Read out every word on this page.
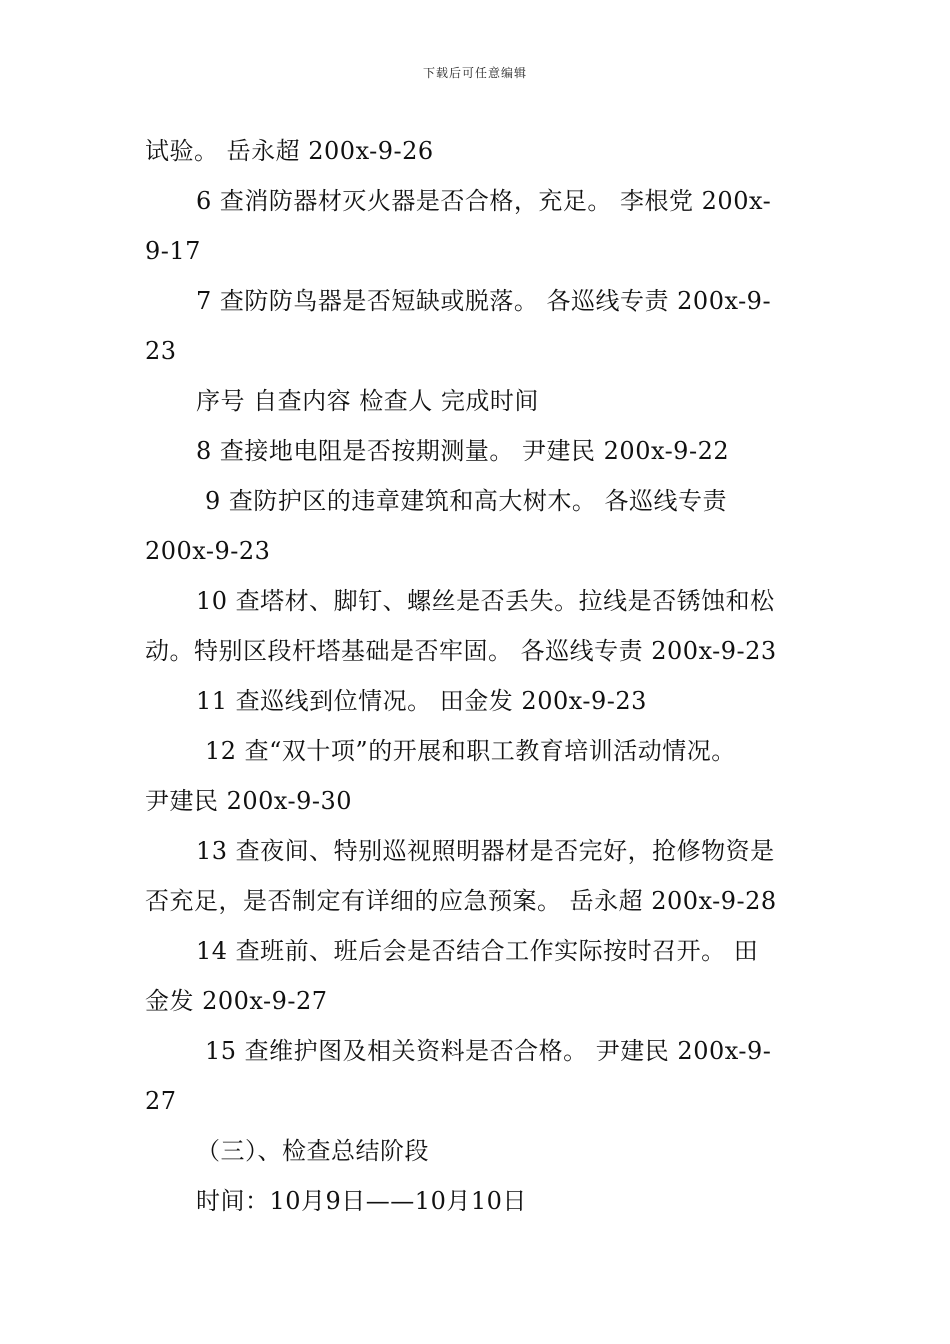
下载后可任意编辑
试验。 岳永超 200x-9-26
6 查消防器材灭火器是否合格，充足。 李根党 200x-
9-17
7 查防防鸟器是否短缺或脱落。 各巡线专责 200x-9-
23
序号 自查内容 检查人 完成时间
8 查接地电阻是否按期测量。 尹建民 200x-9-22
9 查防护区的违章建筑和高大树木。 各巡线专责
200x-9-23
10 查塔材、脚钉、螺丝是否丢失。拉线是否锈蚀和松
动。特别区段杆塔基础是否牢固。 各巡线专责 200x-9-23
11 查巡线到位情况。 田金发 200x-9-23
12 查“双十项”的开展和职工教育培训活动情况。
尹建民 200x-9-30
13 查夜间、特别巡视照明器材是否完好，抢修物资是
否充足，是否制定有详细的应急预案。 岳永超 200x-9-28
14 查班前、班后会是否结合工作实际按时召开。 田
金发 200x-9-27
15 查维护图及相关资料是否合格。 尹建民 200x-9-
27
（三）、检查总结阶段
时间：10月9日——10月10日
